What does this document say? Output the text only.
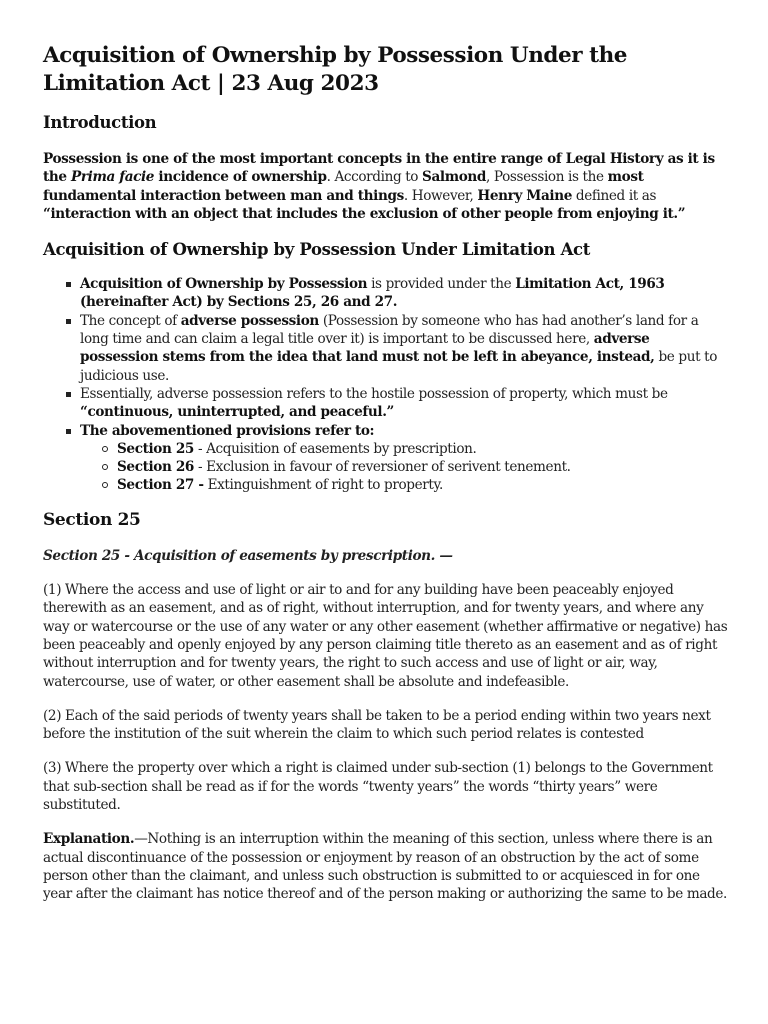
Acquisition of Ownership by Possession Under the Limitation Act | 23 Aug 2023
Introduction

Possession is one of the most important concepts in the entire range of Legal History as it is the Prima facie incidence of ownership. According to Salmond, Possession is the most fundamental interaction between man and things. However, Henry Maine defined it as “interaction with an object that includes the exclusion of other people from enjoying it.”

Acquisition of Ownership by Possession Under Limitation Act
Acquisition of Ownership by Possession is provided under the Limitation Act, 1963 (hereinafter Act) by Sections 25, 26 and 27.
The concept of adverse possession (Possession by someone who has had another’s land for a long time and can claim a legal title over it) is important to be discussed here, adverse possession stems from the idea that land must not be left in abeyance, instead, be put to judicious use.
Essentially, adverse possession refers to the hostile possession of property, which must be “continuous, uninterrupted, and peaceful.”
The abovementioned provisions refer to:
Section 25 - Acquisition of easements by prescription.
Section 26 - Exclusion in favour of reversioner of serivent tenement.
Section 27 - Extinguishment of right to property.
Section 25

Section 25 - Acquisition of easements by prescription. —

(1) Where the access and use of light or air to and for any building have been peaceably enjoyed therewith as an easement, and as of right, without interruption, and for twenty years, and where any way or watercourse or the use of any water or any other easement (whether affirmative or negative) has been peaceably and openly enjoyed by any person claiming title thereto as an easement and as of right without interruption and for twenty years, the right to such access and use of light or air, way, watercourse, use of water, or other easement shall be absolute and indefeasible.

(2) Each of the said periods of twenty years shall be taken to be a period ending within two years next before the institution of the suit wherein the claim to which such period relates is contested

(3) Where the property over which a right is claimed under sub-section (1) belongs to the Government that sub-section shall be read as if for the words “twenty years” the words “thirty years” were substituted.

Explanation.—Nothing is an interruption within the meaning of this section, unless where there is an actual discontinuance of the possession or enjoyment by reason of an obstruction by the act of some person other than the claimant, and unless such obstruction is submitted to or acquiesced in for one year after the claimant has notice thereof and of the person making or authorizing the same to be made.
